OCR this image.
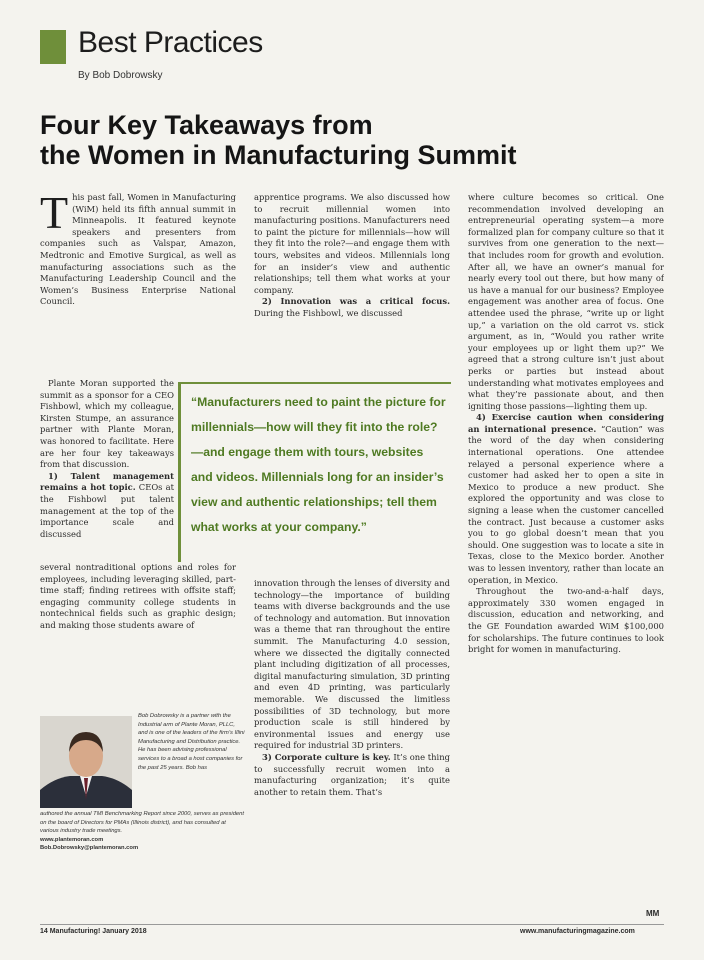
Best Practices
By Bob Dobrowsky
Four Key Takeaways from
the Women in Manufacturing Summit

This past fall, Women in Manufacturing (WiM) held its fifth annual summit in Minneapolis. It featured keynote speakers and presenters from companies such as Valspar, Amazon, Medtronic and Emotive Surgical, as well as manufacturing associations such as the Manufacturing Leadership Council and the Women’s Business Enterprise National Council.

Plante Moran supported the summit as a sponsor for a CEO Fishbowl, which my colleague, Kirsten Stumpe, an assurance partner with Plante Moran, was honored to facilitate. Here are her four key takeaways from that discussion.

1) Talent management remains a hot topic. CEOs at the Fishbowl put talent management at the top of the importance scale and discussed

several nontraditional options and roles for employees, including leveraging skilled, part-time staff; finding retirees with offsite staff; engaging community college students in nontechnical fields such as graphic design; and making those students aware of

apprentice programs. We also discussed how to recruit millennial women into manufacturing positions. Manufacturers need to paint the picture for millennials—how will they fit into the role?—and engage them with tours, websites and videos. Millennials long for an insider’s view and authentic relationships; tell them what works at your company.

2) Innovation was a critical focus. During the Fishbowl, we discussed

innovation through the lenses of diversity and technology—the importance of building teams with diverse backgrounds and the use of technology and automation. But innovation was a theme that ran throughout the entire summit. The Manufacturing 4.0 session, where we dissected the digitally connected plant including digitization of all processes, digital manufacturing simulation, 3D printing and even 4D printing, was particularly memorable. We discussed the limitless possibilities of 3D technology, but more production scale is still hindered by environmental issues and energy use required for industrial 3D printers.

3) Corporate culture is key. It’s one thing to successfully recruit women into a manufacturing organization; it’s quite another to retain them. That’s

where culture becomes so critical. One recommendation involved developing an entrepreneurial operating system—a more formalized plan for company culture so that it survives from one generation to the next—that includes room for growth and evolution. After all, we have an owner’s manual for nearly every tool out there, but how many of us have a manual for our business? Employee engagement was another area of focus. One attendee used the phrase, “write up or light up,” a variation on the old carrot vs. stick argument, as in, “Would you rather write your employees up or light them up?” We agreed that a strong culture isn’t just about perks or parties but instead about understanding what motivates employees and what they’re passionate about, and then igniting those passions—lighting them up.

4) Exercise caution when considering an international presence. “Caution” was the word of the day when considering international operations. One attendee relayed a personal experience where a customer had asked her to open a site in Mexico to produce a new product. She explored the opportunity and was close to signing a lease when the customer cancelled the contract. Just because a customer asks you to go global doesn’t mean that you should. One suggestion was to locate a site in Texas, close to the Mexico border. Another was to lessen inventory, rather than locate an operation, in Mexico.

Throughout the two-and-a-half days, approximately 330 women engaged in discussion, education and networking, and the GE Foundation awarded WiM $100,000 for scholarships. The future continues to look bright for women in manufacturing.

MM
“Manufacturers need to paint the picture for millennials—how will they fit into the role?—and engage them with tours, websites and videos. Millennials long for an insider’s view and authentic relationships; tell them what works at your company.”
Bob Dobrowsky is a partner with the Industrial arm of Plante Moran, PLLC, and is one of the leaders of the firm’s Illini Manufacturing and Distribution practice. He has been advising professional services to a broad a host companies for the past 25 years. Bob has
authored the annual TMI Benchmarking Report since 2000, serves as president on the board of Directors for PMAs (Illinois district), and has consulted at various industry trade meetings.
www.plantemoran.com
Bob.Dobrowsky@plantemoran.com
14 Manufacturing! January 2018	www.manufacturingmagazine.com
